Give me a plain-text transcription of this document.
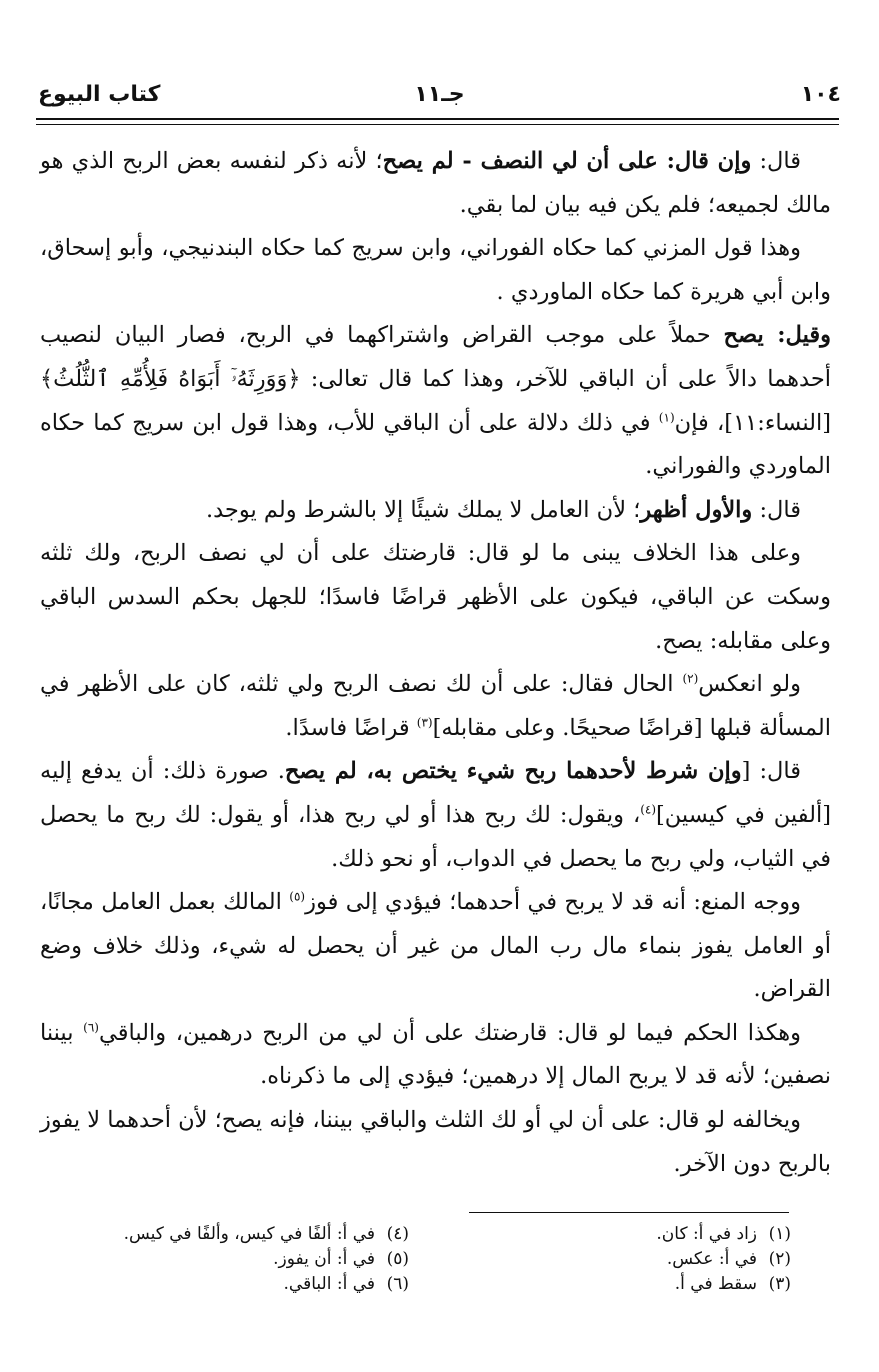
١٠٤
جـ١١
كتاب البيوع

قال: وإن قال: على أن لي النصف - لم يصح؛ لأنه ذكر لنفسه بعض الربح الذي هو مالك لجميعه؛ فلم يكن فيه بيان لما بقي.

وهذا قول المزني كما حكاه الفوراني، وابن سريج كما حكاه البندنيجي، وأبو إسحاق، وابن أبي هريرة كما حكاه الماوردي .

وقيل: يصح حملاً على موجب القراض واشتراكهما في الربح، فصار البيان لنصيب أحدهما دالاً على أن الباقي للآخر، وهذا كما قال تعالى: ﴿وَوَرِثَهُۥٓ أَبَوَاهُ فَلِأُمِّهِ ٱلثُّلُثُ﴾ [النساء:١١]، فإن$^{(١)}$ في ذلك دلالة على أن الباقي للأب، وهذا قول ابن سريج كما حكاه الماوردي والفوراني.

قال: والأول أظهر؛ لأن العامل لا يملك شيئًا إلا بالشرط ولم يوجد.

وعلى هذا الخلاف يبنى ما لو قال: قارضتك على أن لي نصف الربح، ولك ثلثه وسكت عن الباقي، فيكون على الأظهر قراضًا فاسدًا؛ للجهل بحكم السدس الباقي وعلى مقابله: يصح.

ولو انعكس$^{(٢)}$ الحال فقال: على أن لك نصف الربح ولي ثلثه، كان على الأظهر في المسألة قبلها [قراضًا صحيحًا. وعلى مقابله]$^{(٣)}$ قراضًا فاسدًا.

قال: [وإن شرط لأحدهما ربح شيء يختص به، لم يصح. صورة ذلك: أن يدفع إليه [ألفين في كيسين]$^{(٤)}$، ويقول: لك ربح هذا أو لي ربح هذا، أو يقول: لك ربح ما يحصل في الثياب، ولي ربح ما يحصل في الدواب، أو نحو ذلك.

ووجه المنع: أنه قد لا يربح في أحدهما؛ فيؤدي إلى فوز$^{(٥)}$ المالك بعمل العامل مجانًا، أو العامل يفوز بنماء مال رب المال من غير أن يحصل له شيء، وذلك خلاف وضع القراض.

وهكذا الحكم فيما لو قال: قارضتك على أن لي من الربح درهمين، والباقي$^{(٦)}$ بيننا نصفين؛ لأنه قد لا يربح المال إلا درهمين؛ فيؤدي إلى ما ذكرناه.

ويخالفه لو قال: على أن لي أو لك الثلث والباقي بيننا، فإنه يصح؛ لأن أحدهما لا يفوز بالربح دون الآخر.

(١)زاد في أ: كان.
(٢)في أ: عكس.
(٣)سقط في أ.
(٤)في أ: ألفًا في كيس، وألفًا في كيس.
(٥)في أ: أن يفوز.
(٦)في أ: الباقي.
